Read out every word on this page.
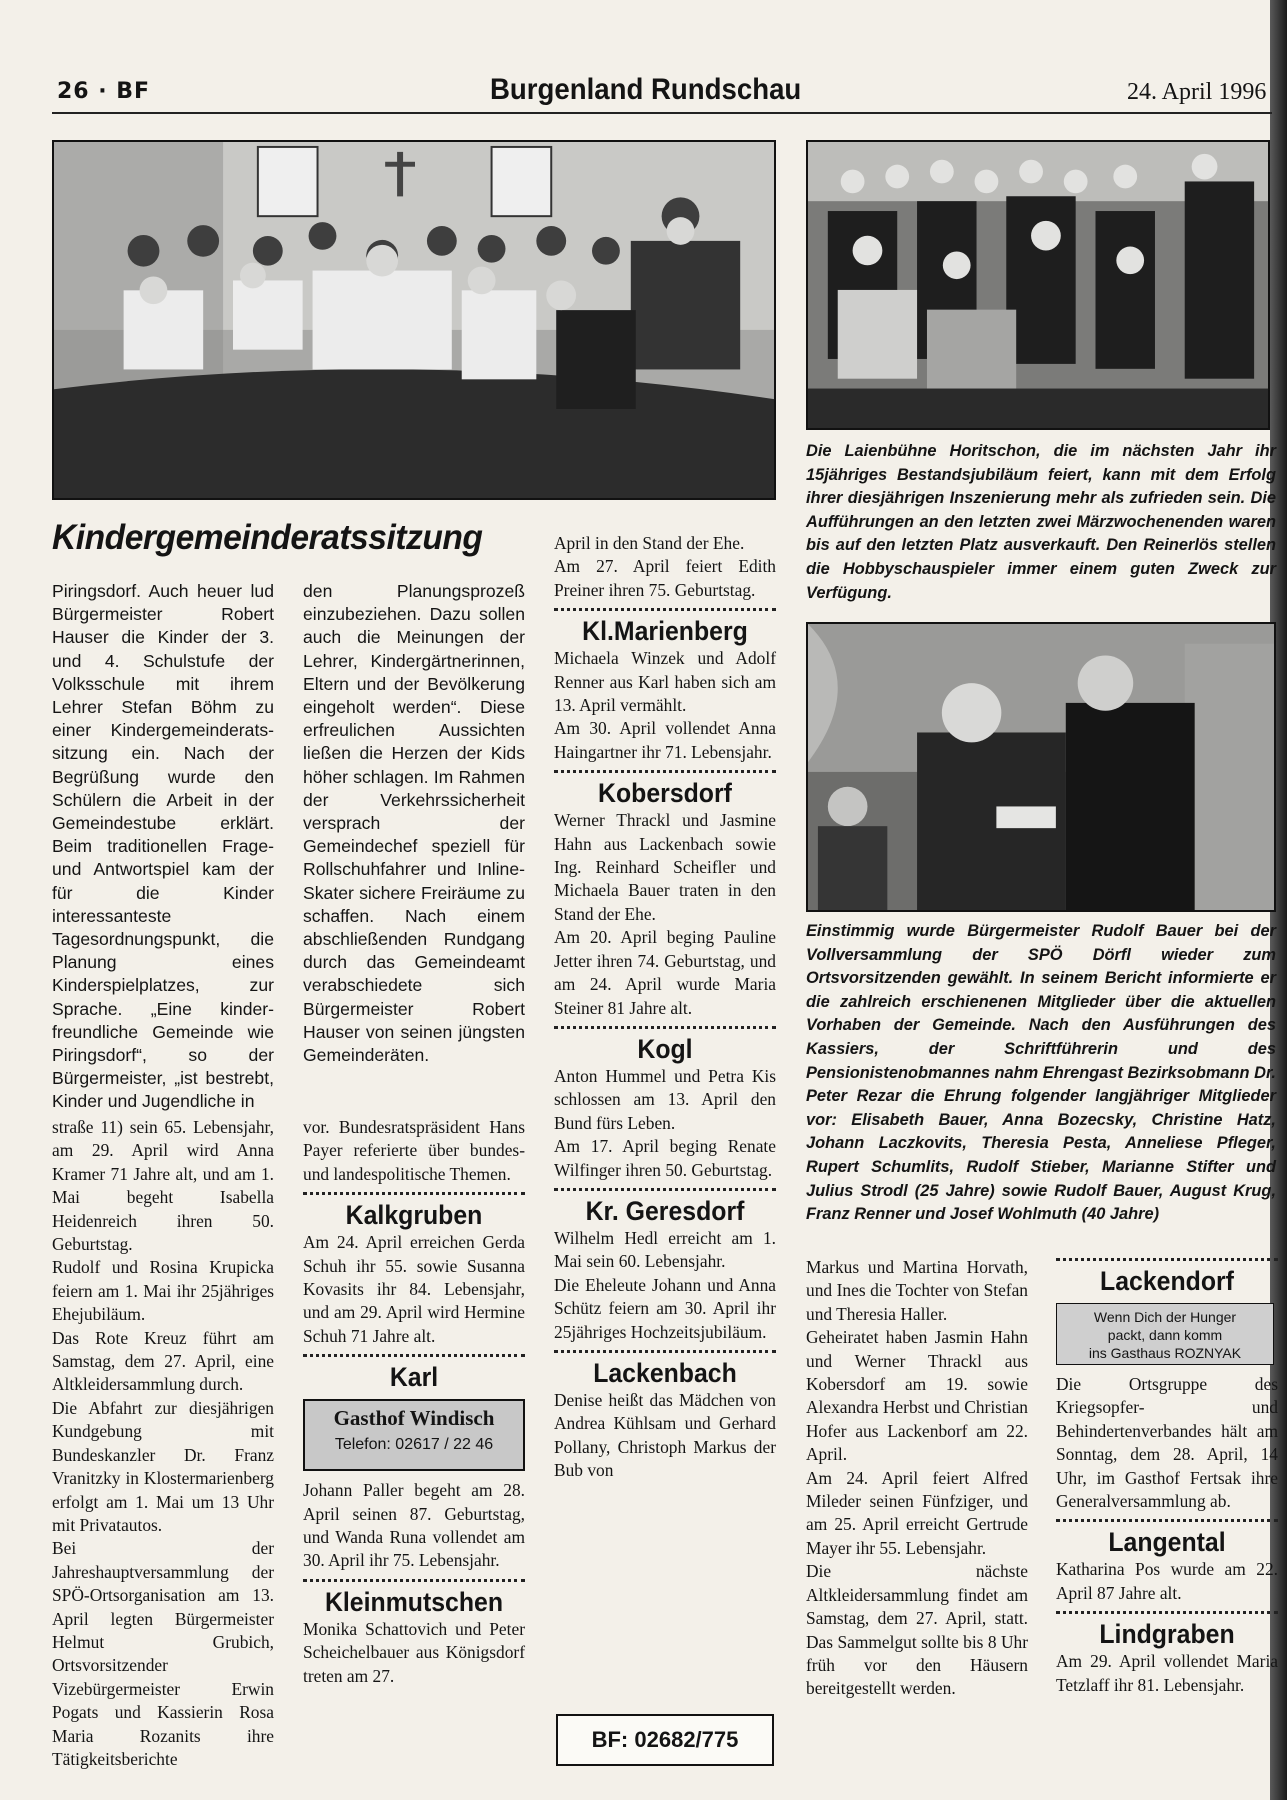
26 · BF	Burgenland Rundschau	24. April 1996
Die Laienbühne Horitschon, die im nächsten Jahr ihr 15jähriges Bestandsjubiläum feiert, kann mit dem Erfolg ihrer diesjährigen Inszenierung mehr als zufrieden sein. Die Aufführungen an den letzten zwei Märzwochenenden waren bis auf den letzten Platz ausverkauft. Den Reinerlös stellen die Hobbyschauspieler immer einem guten Zweck zur Verfügung.
Einstimmig wurde Bürgermeister Rudolf Bauer bei der Vollversammlung der SPÖ Dörfl wieder zum Ortsvorsitzenden gewählt. In seinem Bericht informierte er die zahlreich erschienenen Mitglieder über die aktuellen Vorhaben der Gemeinde. Nach den Ausführungen des Kassiers, der Schriftführerin und des Pensionistenobmannes nahm Ehrengast Bezirksobmann Dr. Peter Rezar die Ehrung folgender langjähriger Mitglieder vor: Elisabeth Bauer, Anna Bozecsky, Christine Hatz, Johann Laczkovits, Theresia Pesta, Anneliese Pfleger, Rupert Schumlits, Rudolf Stieber, Marianne Stifter und Julius Strodl (25 Jahre) sowie Rudolf Bauer, August Krug, Franz Renner und Josef Wohlmuth (40 Jahre)
Kindergemeinderatssitzung
Piringsdorf. Auch heuer lud Bürgermeister Robert Hauser die Kinder der 3. und 4. Schulstufe der Volksschule mit ihrem Lehrer Stefan Böhm zu einer Kindergemeinderatssitzung ein. Nach der Begrüßung wurde den Schülern die Arbeit in der Gemeindestube erklärt. Beim traditionellen Frage- und Antwortspiel kam der für die Kinder interessanteste Tagesordnungspunkt, die Planung eines Kinderspielplatzes, zur Sprache. „Eine kinderfreundliche Gemeinde wie Piringsdorf“, so der Bürgermeister, „ist bestrebt, Kinder und Jugendliche in
den Planungsprozeß einzubeziehen. Dazu sollen auch die Meinungen der Lehrer, Kindergärtnerinnen, Eltern und der Bevölkerung eingeholt werden“. Diese erfreulichen Aussichten ließen die Herzen der Kids höher schlagen. Im Rahmen der Verkehrssicherheit versprach der Gemeindechef speziell für Rollschuhfahrer und Inline-Skater sichere Freiräume zu schaffen. Nach einem abschließenden Rundgang durch das Gemeindeamt verabschiedete sich Bürgermeister Robert Hauser von seinen jüngsten Gemeinderäten.

straße 11) sein 65. Lebensjahr, am 29. April wird Anna Kramer 71 Jahre alt, und am 1. Mai begeht Isabella Heidenreich ihren 50. Geburtstag.

Rudolf und Rosina Krupicka feiern am 1. Mai ihr 25jähriges Ehejubiläum.

Das Rote Kreuz führt am Samstag, dem 27. April, eine Altkleidersammlung durch.

Die Abfahrt zur diesjährigen Kundgebung mit Bundeskanzler Dr. Franz Vranitzky in Klostermarienberg erfolgt am 1. Mai um 13 Uhr mit Privatautos.

Bei der Jahreshauptversammlung der SPÖ-Ortsorganisation am 13. April legten Bürgermeister Helmut Grubich, Ortsvorsitzender Vizebürgermeister Erwin Pogats und Kassierin Rosa Maria Rozanits ihre Tätigkeitsberichte

vor. Bundesratspräsident Hans Payer referierte über bundes- und landespolitische Themen.

Kalkgruben

Am 24. April erreichen Gerda Schuh ihr 55. sowie Susanna Kovasits ihr 84. Lebensjahr, und am 29. April wird Hermine Schuh 71 Jahre alt.

Karl
Gasthof Windisch
Telefon: 02617 / 22 46

Johann Paller begeht am 28. April seinen 87. Geburtstag, und Wanda Runa vollendet am 30. April ihr 75. Lebensjahr.

Kleinmutschen

Monika Schattovich und Peter Scheichelbauer aus Königsdorf treten am 27.

April in den Stand der Ehe.

Am 27. April feiert Edith Preiner ihren 75. Geburtstag.

Kl.Marienberg

Michaela Winzek und Adolf Renner aus Karl haben sich am 13. April vermählt.

Am 30. April vollendet Anna Haingartner ihr 71. Lebensjahr.

Kobersdorf

Werner Thrackl und Jasmine Hahn aus Lackenbach sowie Ing. Reinhard Scheifler und Michaela Bauer traten in den Stand der Ehe.

Am 20. April beging Pauline Jetter ihren 74. Geburtstag, und am 24. April wurde Maria Steiner 81 Jahre alt.

Kogl

Anton Hummel und Petra Kis schlossen am 13. April den Bund fürs Leben.

Am 17. April beging Renate Wilfinger ihren 50. Geburtstag.

Kr. Geresdorf

Wilhelm Hedl erreicht am 1. Mai sein 60. Lebensjahr.

Die Eheleute Johann und Anna Schütz feiern am 30. April ihr 25jähriges Hochzeitsjubiläum.

Lackenbach

Denise heißt das Mädchen von Andrea Kühlsam und Gerhard Pollany, Christoph Markus der Bub von

BF: 02682/775

Markus und Martina Horvath, und Ines die Tochter von Stefan und Theresia Haller.

Geheiratet haben Jasmin Hahn und Werner Thrackl aus Kobersdorf am 19. sowie Alexandra Herbst und Christian Hofer aus Lackenborf am 22. April.

Am 24. April feiert Alfred Mileder seinen Fünfziger, und am 25. April erreicht Gertrude Mayer ihr 55. Lebensjahr.

Die nächste Altkleidersammlung findet am Samstag, dem 27. April, statt. Das Sammelgut sollte bis 8 Uhr früh vor den Häusern bereitgestellt werden.

Lackendorf
Wenn Dich der Hunger
packt, dann komm
ins Gasthaus ROZNYAK

Die Ortsgruppe des Kriegsopfer- und Behindertenverbandes hält am Sonntag, dem 28. April, 14 Uhr, im Gasthof Fertsak ihre Generalversammlung ab.

Langental

Katharina Pos wurde am 22. April 87 Jahre alt.

Lindgraben

Am 29. April vollendet Maria Tetzlaff ihr 81. Lebensjahr.
